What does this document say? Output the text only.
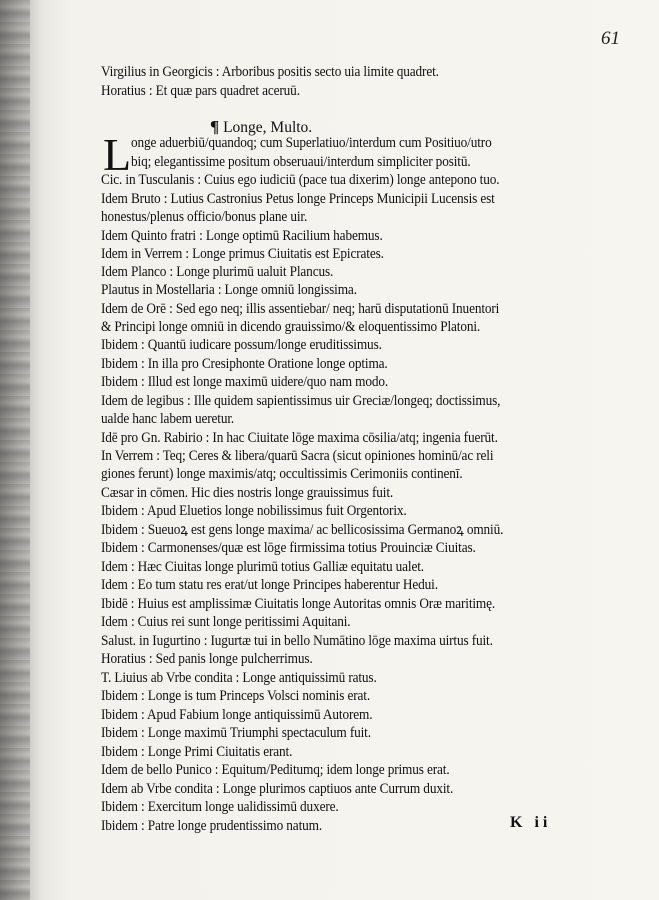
61
Virgilius in Georgicis : Arboribus positis secto uia limite quadret.
Horatius : Et quæ pars quadret aceruū.
¶ Longe, Multo.
L onge aduerbiū/quandoq; cum Superlatiuo/interdum cum Positiuo/utro
biq; elegantissime positum obseruaui/interdum simpliciter positū.
Cic. in Tusculanis : Cuius ego iudiciū (pace tua dixerim) longe antepono tuo.
Idem Bruto : Lutius Castronius Petus longe Princeps Municipii Lucensis est
honestus/plenus officio/bonus plane uir.
Idem Quinto fratri : Longe optimū Racilium habemus.
Idem in Verrem : Longe primus Ciuitatis est Epicrates.
Idem Planco : Longe plurimū ualuit Plancus.
Plautus in Mostellaria : Longe omniū longissima.
Idem de Orē : Sed ego neq; illis assentiebar/ neq; harū disputationū Inuentori
& Principi longe omniū in dicendo grauissimo/& eloquentissimo Platoni.
Ibidem : Quantū iudicare possum/longe eruditissimus.
Ibidem : In illa pro Cresiphonte Oratione longe optima.
Ibidem : Illud est longe maximū uidere/quo nam modo.
Idem de legibus : Ille quidem sapientissimus uir Greciæ/longeq; doctissimus,
ualde hanc labem ueretur.
Idē pro Gn. Rabirio : In hac Ciuitate lōge maxima cōsilia/atq; ingenia fuerūt.
In Verrem : Teq; Ceres & libera/quarū Sacra (sicut opiniones hominū/ac reli
giones ferunt) longe maximis/atq; occultissimis Cerimoniis continenī.
Cæsar in cōmen. Hic dies nostris longe grauissimus fuit.
Ibidem : Apud Eluetios longe nobilissimus fuit Orgentorix.
Ibidem : Sueuoꝝ est gens longe maxima/ ac bellicosissima Germanoꝝ omniū.
Ibidem : Carmonenses/quæ est lōge firmissima totius Prouinciæ Ciuitas.
Idem : Hæc Ciuitas longe plurimū totius Galliæ equitatu ualet.
Idem : Eo tum statu res erat/ut longe Principes haberentur Hedui.
Ibidē : Huius est amplissimæ Ciuitatis longe Autoritas omnis Oræ maritimę.
Idem : Cuius rei sunt longe peritissimi Aquitani.
Salust. in Iugurtino : Iugurtæ tui in bello Numātino lōge maxima uirtus fuit.
Horatius : Sed panis longe pulcherrimus.
T. Liuius ab Vrbe condita : Longe antiquissimū ratus.
Ibidem : Longe is tum Princeps Volsci nominis erat.
Ibidem : Apud Fabium longe antiquissimū Autorem.
Ibidem : Longe maximū Triumphi spectaculum fuit.
Ibidem : Longe Primi Ciuitatis erant.
Idem de bello Punico : Equitum/Peditumq; idem longe primus erat.
Idem ab Vrbe condita : Longe plurimos captiuos ante Currum duxit.
Ibidem : Exercitum longe ualidissimū duxere.
Ibidem : Patre longe prudentissimo natum.	K ii
